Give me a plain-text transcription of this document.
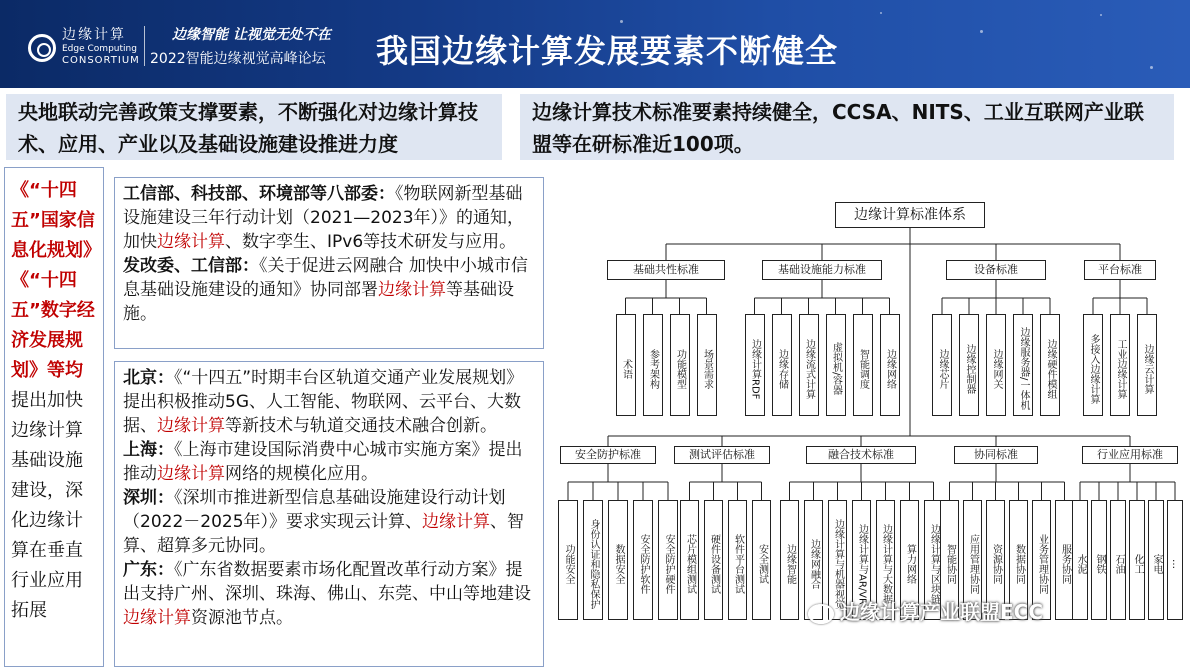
边缘计算
Edge Computing
CONSORTIUM
边缘智能 让视觉无处不在
2022智能边缘视觉高峰论坛 我国边缘计算发展要素不断健全
央地联动完善政策支撑要素，不断强化对边缘计算技术、应用、产业以及基础设施建设推进力度
边缘计算技术标准要素持续健全，CCSA、NITS、工业互联网产业联盟等在研标准近100项。
《“十四五”国家信息化规划》《“十四五”数字经济发展规划》等均提出加快边缘计算基础设施建设，深化边缘计算在垂直行业应用拓展

工信部、科技部、环境部等八部委：《物联网新型基础设施建设三年行动计划（2021—2023年）》的通知，加快边缘计算、数字孪生、IPv6等技术研发与应用。

发改委、工信部：《关于促进云网融合 加快中小城市信息基础设施建设的通知》协同部署边缘计算等基础设施。

北京：《“十四五”时期丰台区轨道交通产业发展规划》提出积极推动5G、人工智能、物联网、云平台、大数据、边缘计算等新技术与轨道交通技术融合创新。

上海：《上海市建设国际消费中心城市实施方案》提出推动边缘计算网络的规模化应用。

深圳：《深圳市推进新型信息基础设施建设行动计划（2022－2025年）》要求实现云计算、边缘计算、智算、超算多元协同。

广东：《广东省数据要素市场化配置改革行动方案》提出支持广州、深圳、珠海、佛山、东莞、中山等地建设边缘计算资源池节点。

边缘计算标准体系
基础共性标准
术语	参考架构	功能模型	场景需求
基础设施能力标准
边缘计算RDF	边缘存储	边缘流式计算	虚拟机/容器	智能调度	边缘网络
设备标准
边缘芯片	边缘控制器	边缘网关	边缘服务器/一体机	边缘硬件模组
平台标准
多接入边缘计算	工业边缘计算	边缘云计算
安全防护标准
功能安全	身份认证和隐私保护	数据安全	安全防护软件	安全防护硬件
测试评估标准
芯片模组测试	硬件设备测试	软件平台测试	安全测试
融合技术标准
边缘智能	边缘网融合	边缘计算与机器视觉	边缘计算与AR/VR	边缘计算与大数据	算力网络	边缘计算与区块链
协同标准
智能协同	应用管理协同	资源协同	数据协同	业务管理协同	服务协同
行业应用标准
水泥 钢铁 石油 化工 家电 …
边缘计算产业联盟ECC
